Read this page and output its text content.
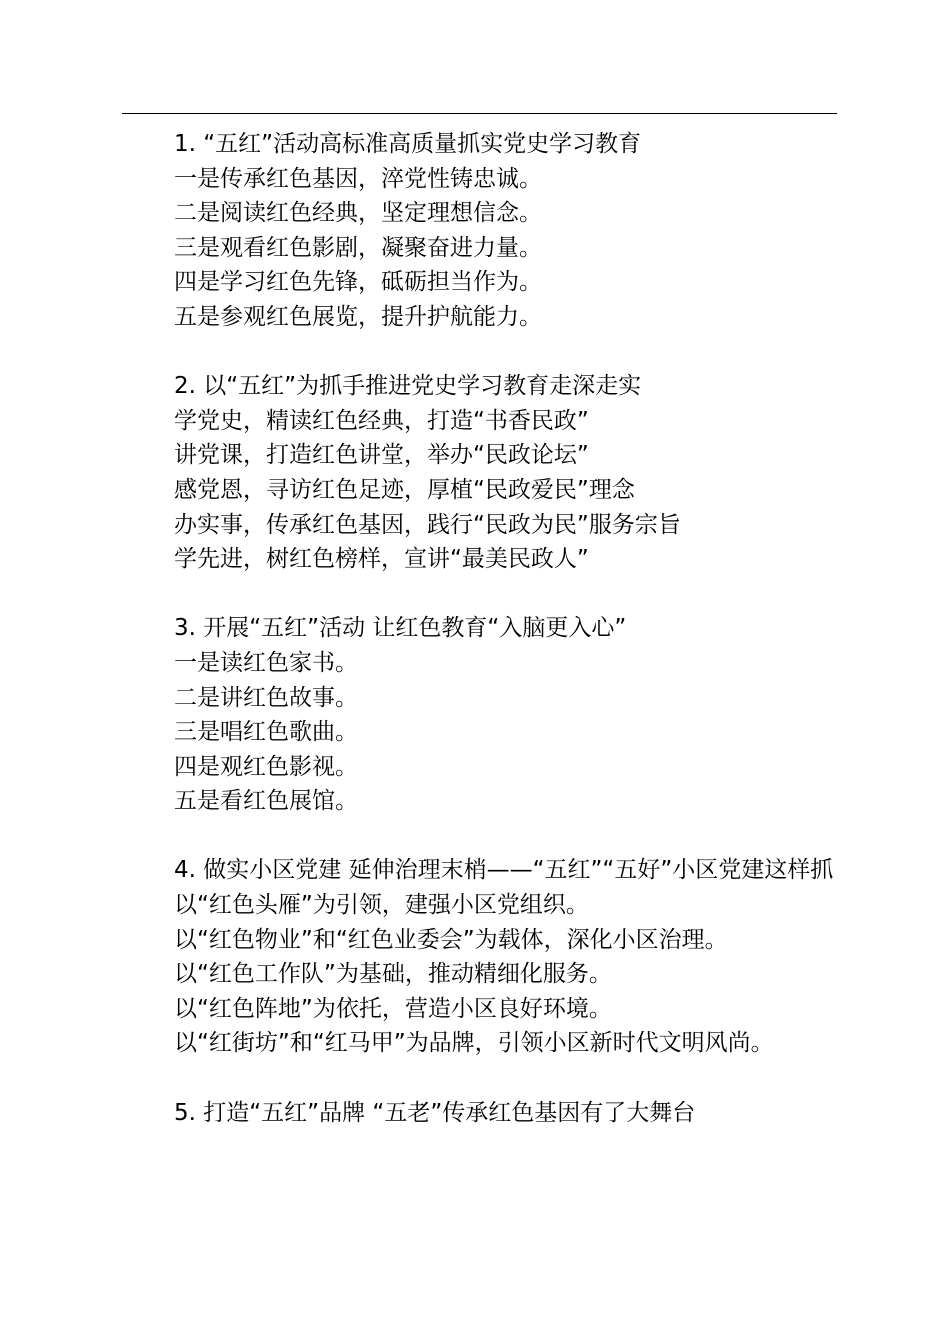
1. “五红”活动高标准高质量抓实党史学习教育
一是传承红色基因，淬党性铸忠诚。
二是阅读红色经典，坚定理想信念。
三是观看红色影剧，凝聚奋进力量。
四是学习红色先锋，砥砺担当作为。
五是参观红色展览，提升护航能力。
2. 以“五红”为抓手推进党史学习教育走深走实
学党史，精读红色经典，打造“书香民政”
讲党课，打造红色讲堂，举办“民政论坛”
感党恩，寻访红色足迹，厚植“民政爱民”理念
办实事，传承红色基因，践行“民政为民”服务宗旨
学先进，树红色榜样，宣讲“最美民政人”
3. 开展“五红”活动 让红色教育“入脑更入心”
一是读红色家书。
二是讲红色故事。
三是唱红色歌曲。
四是观红色影视。
五是看红色展馆。
4. 做实小区党建 延伸治理末梢——“五红”“五好”小区党建这样抓
以“红色头雁”为引领，建强小区党组织。
以“红色物业”和“红色业委会”为载体，深化小区治理。
以“红色工作队”为基础，推动精细化服务。
以“红色阵地”为依托，营造小区良好环境。
以“红街坊”和“红马甲”为品牌，引领小区新时代文明风尚。
5. 打造“五红”品牌 “五老”传承红色基因有了大舞台
